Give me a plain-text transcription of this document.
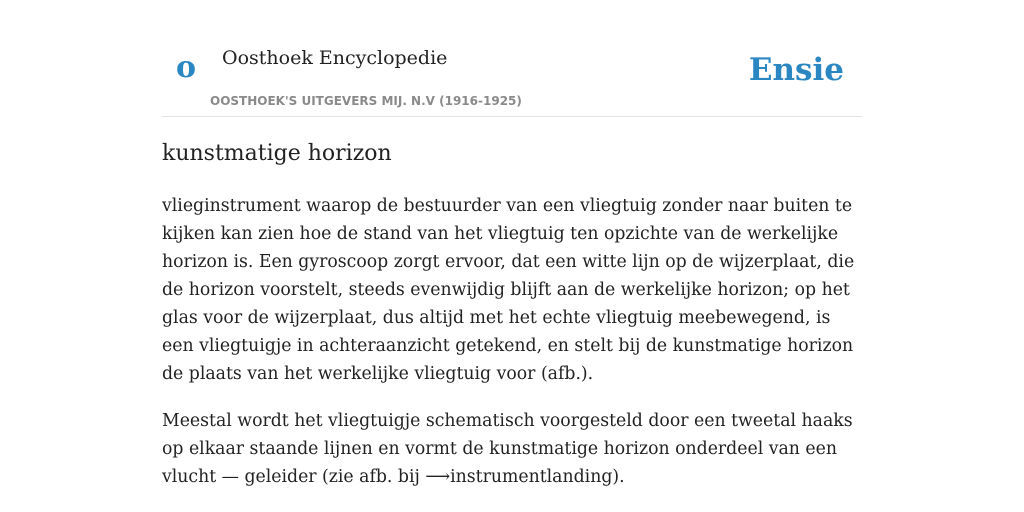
o Oosthoek Encyclopedie
OOSTHOEK'S UITGEVERS MIJ. N.V (1916-1925)
Ensie
kunstmatige horizon

vlieginstrument waarop de bestuurder van een vliegtuig zonder naar buiten te kijken kan zien hoe de stand van het vliegtuig ten opzichte van de werkelijke horizon is. Een gyroscoop zorgt ervoor, dat een witte lijn op de wijzerplaat, die de horizon voorstelt, steeds evenwijdig blijft aan de werkelijke horizon; op het glas voor de wijzerplaat, dus altijd met het echte vliegtuig meebewegend, is een vliegtuigje in achteraanzicht getekend, en stelt bij de kunstmatige horizon de plaats van het werkelijke vliegtuig voor (afb.).

Meestal wordt het vliegtuigje schematisch voorgesteld door een tweetal haaks op elkaar staande lijnen en vormt de kunstmatige horizon onderdeel van een vlucht — geleider (zie afb. bij ⟶instrumentlanding).
